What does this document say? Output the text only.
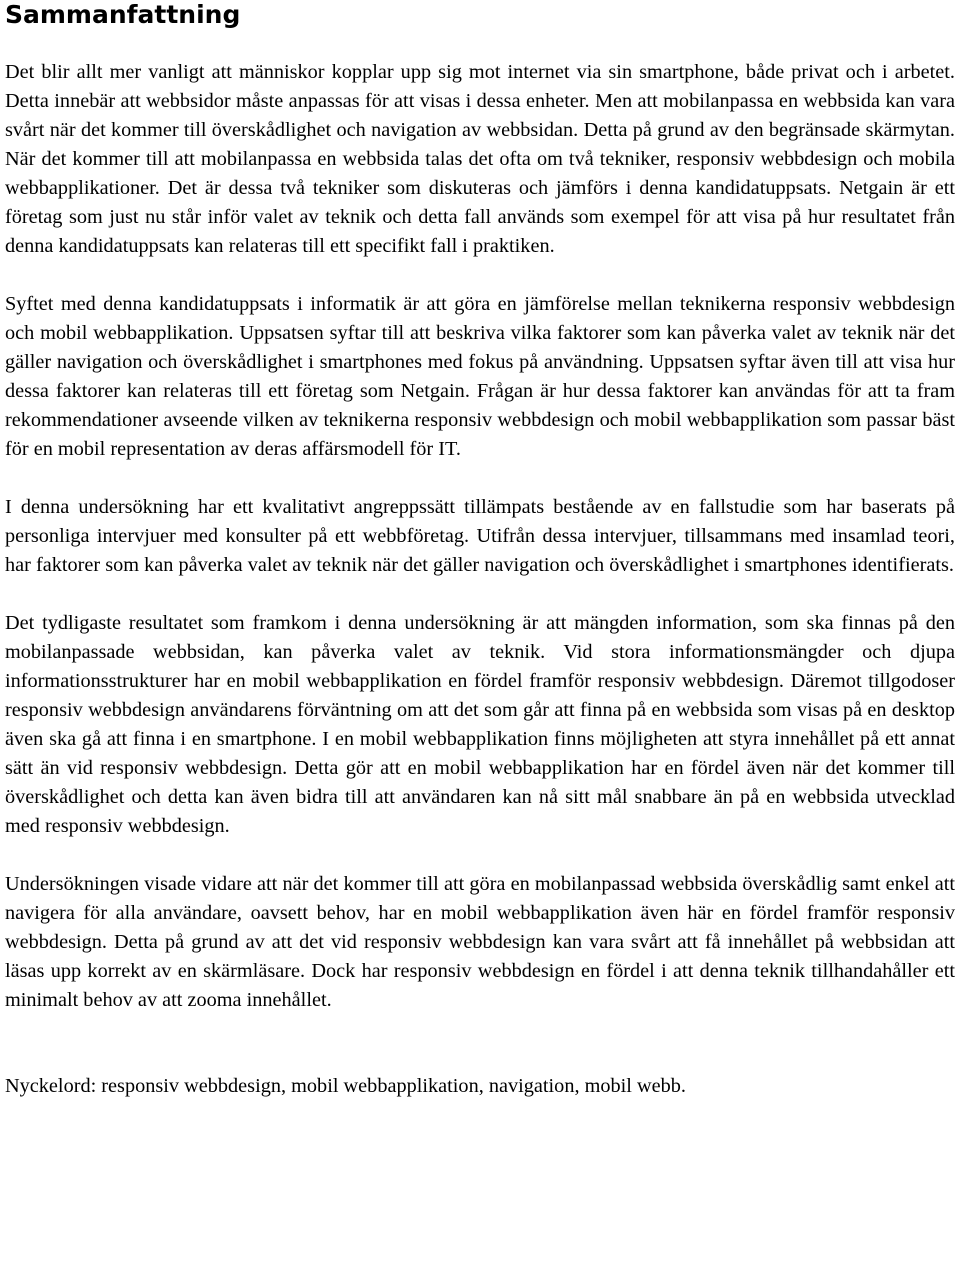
Sammanfattning

Det blir allt mer vanligt att människor kopplar upp sig mot internet via sin smartphone, både privat och i arbetet. Detta innebär att webbsidor måste anpassas för att visas i dessa enheter. Men att mobilanpassa en webbsida kan vara svårt när det kommer till överskådlighet och navigation av webbsidan. Detta på grund av den begränsade skärmytan. När det kommer till att mobilanpassa en webbsida talas det ofta om två tekniker, responsiv webbdesign och mobila webbapplikationer. Det är dessa två tekniker som diskuteras och jämförs i denna kandidatuppsats. Netgain är ett företag som just nu står inför valet av teknik och detta fall används som exempel för att visa på hur resultatet från denna kandidatuppsats kan relateras till ett specifikt fall i praktiken.

Syftet med denna kandidatuppsats i informatik är att göra en jämförelse mellan teknikerna responsiv webbdesign och mobil webbapplikation. Uppsatsen syftar till att beskriva vilka faktorer som kan påverka valet av teknik när det gäller navigation och överskådlighet i smartphones med fokus på användning. Uppsatsen syftar även till att visa hur dessa faktorer kan relateras till ett företag som Netgain. Frågan är hur dessa faktorer kan användas för att ta fram rekommendationer avseende vilken av teknikerna responsiv webbdesign och mobil webbapplikation som passar bäst för en mobil representation av deras affärsmodell för IT.

I denna undersökning har ett kvalitativt angreppssätt tillämpats bestående av en fallstudie som har baserats på personliga intervjuer med konsulter på ett webbföretag. Utifrån dessa intervjuer, tillsammans med insamlad teori, har faktorer som kan påverka valet av teknik när det gäller navigation och överskådlighet i smartphones identifierats.

Det tydligaste resultatet som framkom i denna undersökning är att mängden information, som ska finnas på den mobilanpassade webbsidan, kan påverka valet av teknik. Vid stora informationsmängder och djupa informationsstrukturer har en mobil webbapplikation en fördel framför responsiv webbdesign. Däremot tillgodoser responsiv webbdesign användarens förväntning om att det som går att finna på en webbsida som visas på en desktop även ska gå att finna i en smartphone. I en mobil webbapplikation finns möjligheten att styra innehållet på ett annat sätt än vid responsiv webbdesign. Detta gör att en mobil webbapplikation har en fördel även när det kommer till överskådlighet och detta kan även bidra till att användaren kan nå sitt mål snabbare än på en webbsida utvecklad med responsiv webbdesign.

Undersökningen visade vidare att när det kommer till att göra en mobilanpassad webbsida överskådlig samt enkel att navigera för alla användare, oavsett behov, har en mobil webbapplikation även här en fördel framför responsiv webbdesign. Detta på grund av att det vid responsiv webbdesign kan vara svårt att få innehållet på webbsidan att läsas upp korrekt av en skärmläsare. Dock har responsiv webbdesign en fördel i att denna teknik tillhandahåller ett minimalt behov av att zooma innehållet.

Nyckelord: responsiv webbdesign, mobil webbapplikation, navigation, mobil webb.
